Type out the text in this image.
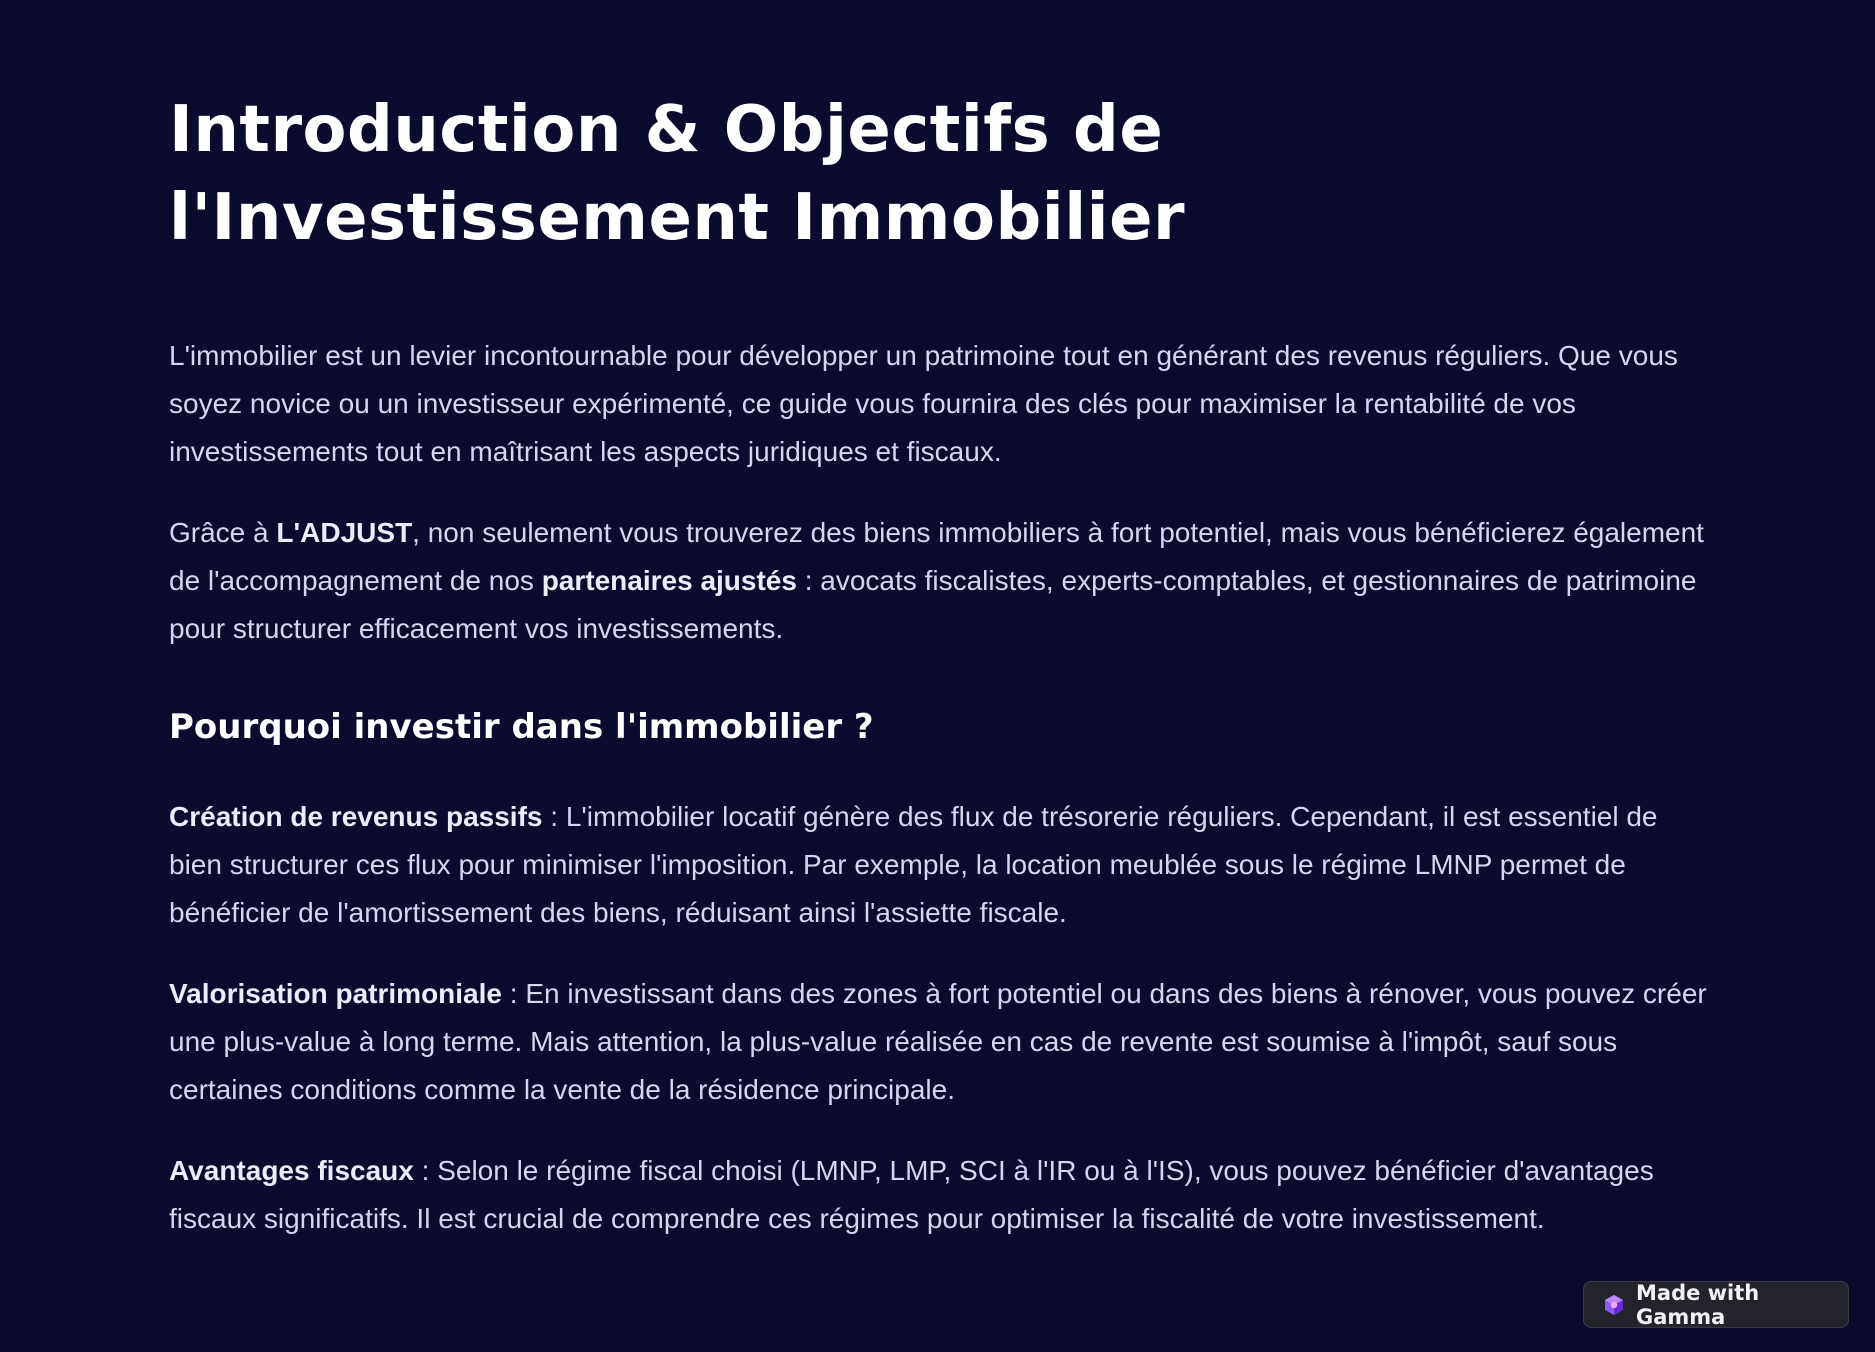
Introduction & Objectifs de l'Investissement Immobilier

L'immobilier est un levier incontournable pour développer un patrimoine tout en générant des revenus réguliers. Que vous soyez novice ou un investisseur expérimenté, ce guide vous fournira des clés pour maximiser la rentabilité de vos investissements tout en maîtrisant les aspects juridiques et fiscaux.

Grâce à L'ADJUST, non seulement vous trouverez des biens immobiliers à fort potentiel, mais vous bénéficierez également de l'accompagnement de nos partenaires ajustés : avocats fiscalistes, experts-comptables, et gestionnaires de patrimoine pour structurer efficacement vos investissements.

Pourquoi investir dans l'immobilier ?

Création de revenus passifs : L'immobilier locatif génère des flux de trésorerie réguliers. Cependant, il est essentiel de bien structurer ces flux pour minimiser l'imposition. Par exemple, la location meublée sous le régime LMNP permet de bénéficier de l'amortissement des biens, réduisant ainsi l'assiette fiscale.

Valorisation patrimoniale : En investissant dans des zones à fort potentiel ou dans des biens à rénover, vous pouvez créer une plus-value à long terme. Mais attention, la plus-value réalisée en cas de revente est soumise à l'impôt, sauf sous certaines conditions comme la vente de la résidence principale.

Avantages fiscaux : Selon le régime fiscal choisi (LMNP, LMP, SCI à l'IR ou à l'IS), vous pouvez bénéficier d'avantages fiscaux significatifs. Il est crucial de comprendre ces régimes pour optimiser la fiscalité de votre investissement.

Made with Gamma
